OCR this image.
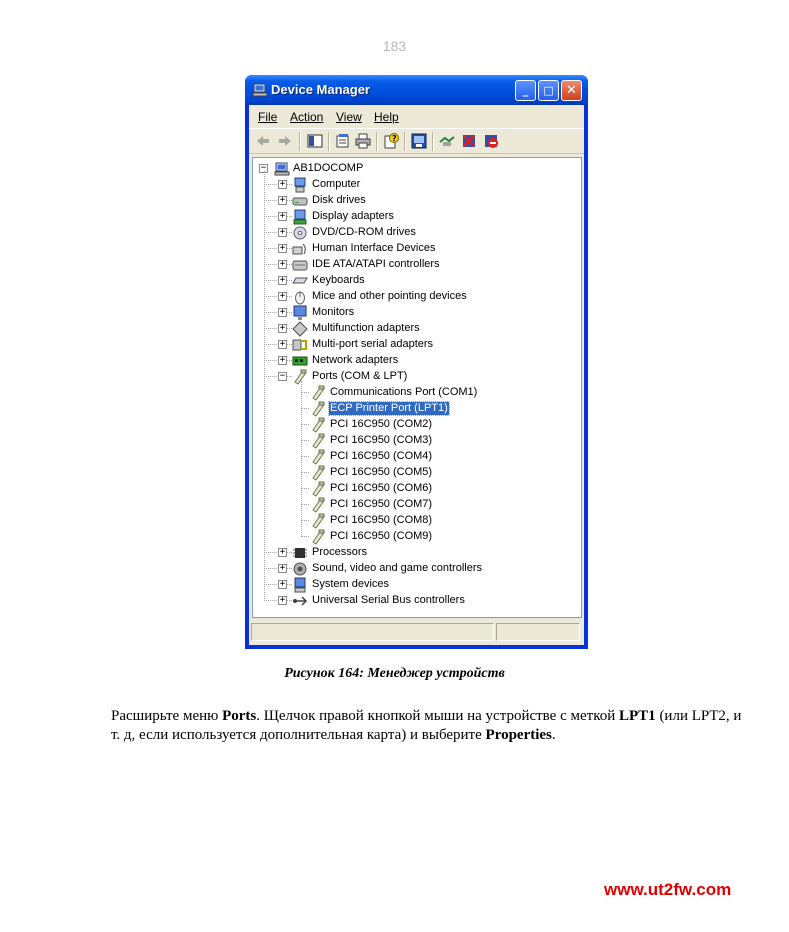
183
Device Manager	_	□ ✕
File Action View Help
?
− AB1DOCOMP
+ Computer
+ Disk drives
+ Display adapters
+ DVD/CD-ROM drives
+ Human Interface Devices
+ IDE ATA/ATAPI controllers
+ Keyboards
+ Mice and other pointing devices
+ Monitors
+ Multifunction adapters
+ Multi-port serial adapters
+ Network adapters
− Ports (COM & LPT)
Communications Port (COM1)
ECP Printer Port (LPT1)
PCI 16C950 (COM2)
PCI 16C950 (COM3)
PCI 16C950 (COM4)
PCI 16C950 (COM5)
PCI 16C950 (COM6)
PCI 16C950 (COM7)
PCI 16C950 (COM8)
PCI 16C950 (COM9)
+ Processors
+ Sound, video and game controllers
+ System devices
+ Universal Serial Bus controllers
Рисунок 164: Менеджер устройств
Расширьте меню Ports. Щелчок правой кнопкой мыши на устройстве с меткой LPT1 (или LPT2, и т. д, если используется дополнительная карта) и выберите Properties.
www.ut2fw.com
